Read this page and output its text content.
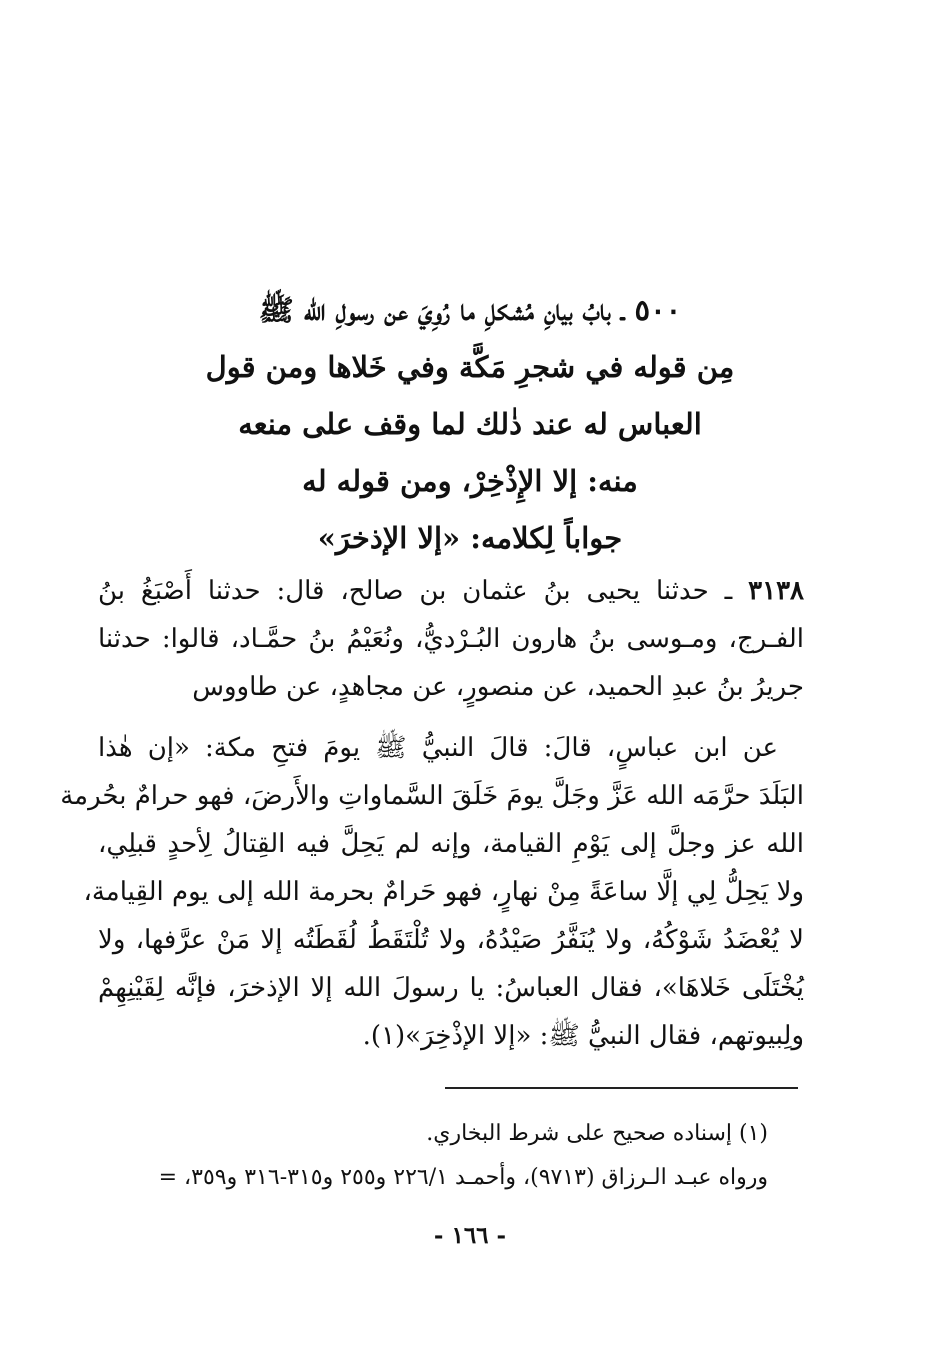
٥٠٠ ـ بابُ بيانِ مُشكلِ ما رُوِيَ عن رسولِ الله ﷺ
مِن قوله في شجرِ مَكَّة وفي خَلاها ومن قول
العباس له عند ذٰلك لما وقف على منعه
منه: إلا الإِذْخِرْ، ومن قوله له
جواباً لِكلامه: «إلا الإذخرَ»
٣١٣٨ ـ حدثنا يحيى بنُ عثمان بن صالح، قال: حدثنا أَصْبَغُ بنُ
الفـرج، ومـوسى بنُ هارون البُـرْديُّ، ونُعَيْمُ بنُ حمَّـاد، قالوا: حدثنا
جريرُ بنُ عبدِ الحميد، عن منصورٍ، عن مجاهدٍ، عن طاووس
عن ابن عباسٍ، قالَ: قالَ النبيُّ ﷺ يومَ فتحِ مكة: «إن هٰذا
البَلَدَ حرَّمَه الله عَزَّ وجَلَّ يومَ خَلَقَ السَّماواتِ والأَرضَ، فهو حرامٌ بحُرمة
الله عز وجلَّ إلى يَوْمِ القيامة، وإنه لم يَحِلَّ فيه القِتالُ لِأحدٍ قبلِي،
ولا يَحِلُّ لِي إلَّا ساعَةً مِنْ نهارٍ، فهو حَرامٌ بحرمة الله إلى يوم القِيامة،
لا يُعْضَدُ شَوْكُهُ، ولا يُنَفَّرُ صَيْدُهُ، ولا تُلْتَقَطُ لُقَطَتُه إلا مَنْ عرَّفها، ولا
يُخْتَلَى خَلاهَا»، فقال العباسُ: يا رسولَ الله إلا الإذخرَ، فإنَّه لِقَيْنِهِمْ
ولِبيوتهم، فقال النبيُّ ﷺ: «إلا الإذْخِرَ»(١).
(١) إسناده صحيح على شرط البخاري.
ورواه عبـد الـرزاق (٩٧١٣)، وأحمـد ٢٢٦/١ و٢٥٥ و٣١٥-٣١٦ و٣٥٩، =
- ١٦٦ -
